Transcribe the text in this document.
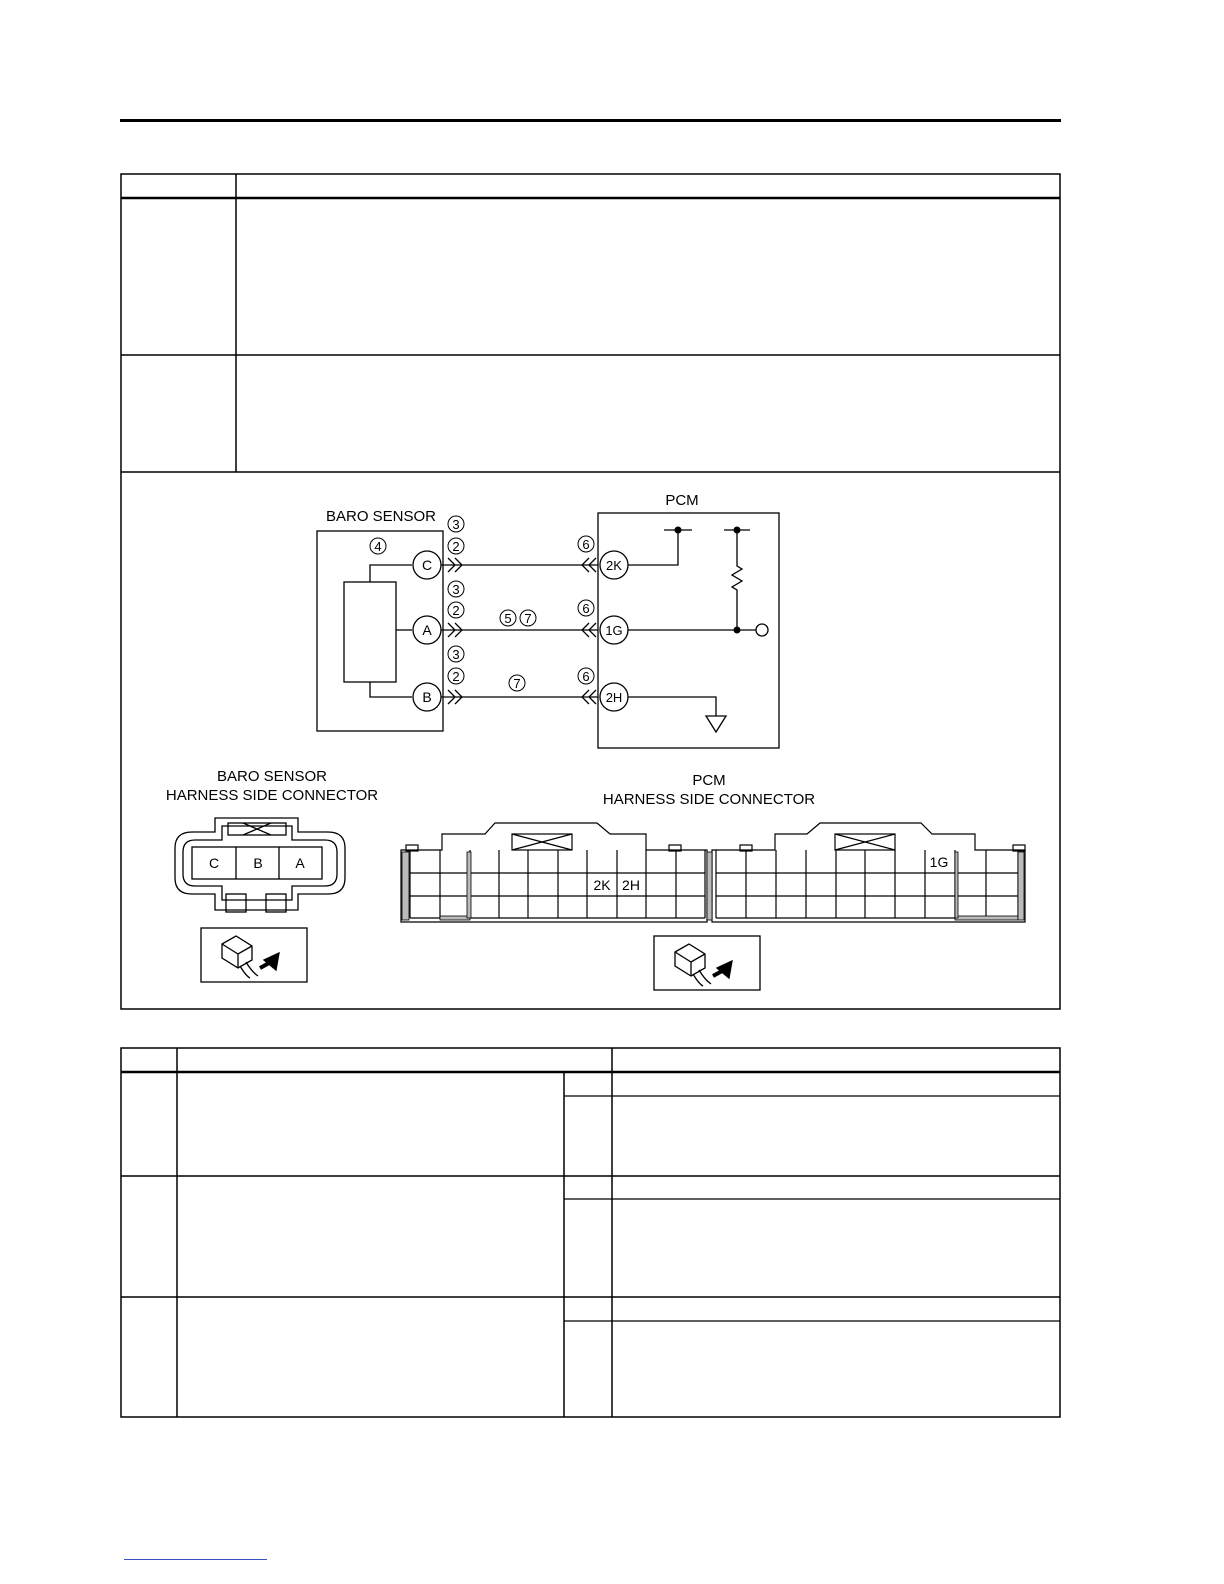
BARO SENSOR
C
A
B
3
2
4	6
3
2
5 7
6
3
2	7	6
PCM
2K
1G
2H
BARO SENSOR
HARNESS SIDE CONNECTOR
C B A
PCM
HARNESS SIDE CONNECTOR
2K 2H
1G
